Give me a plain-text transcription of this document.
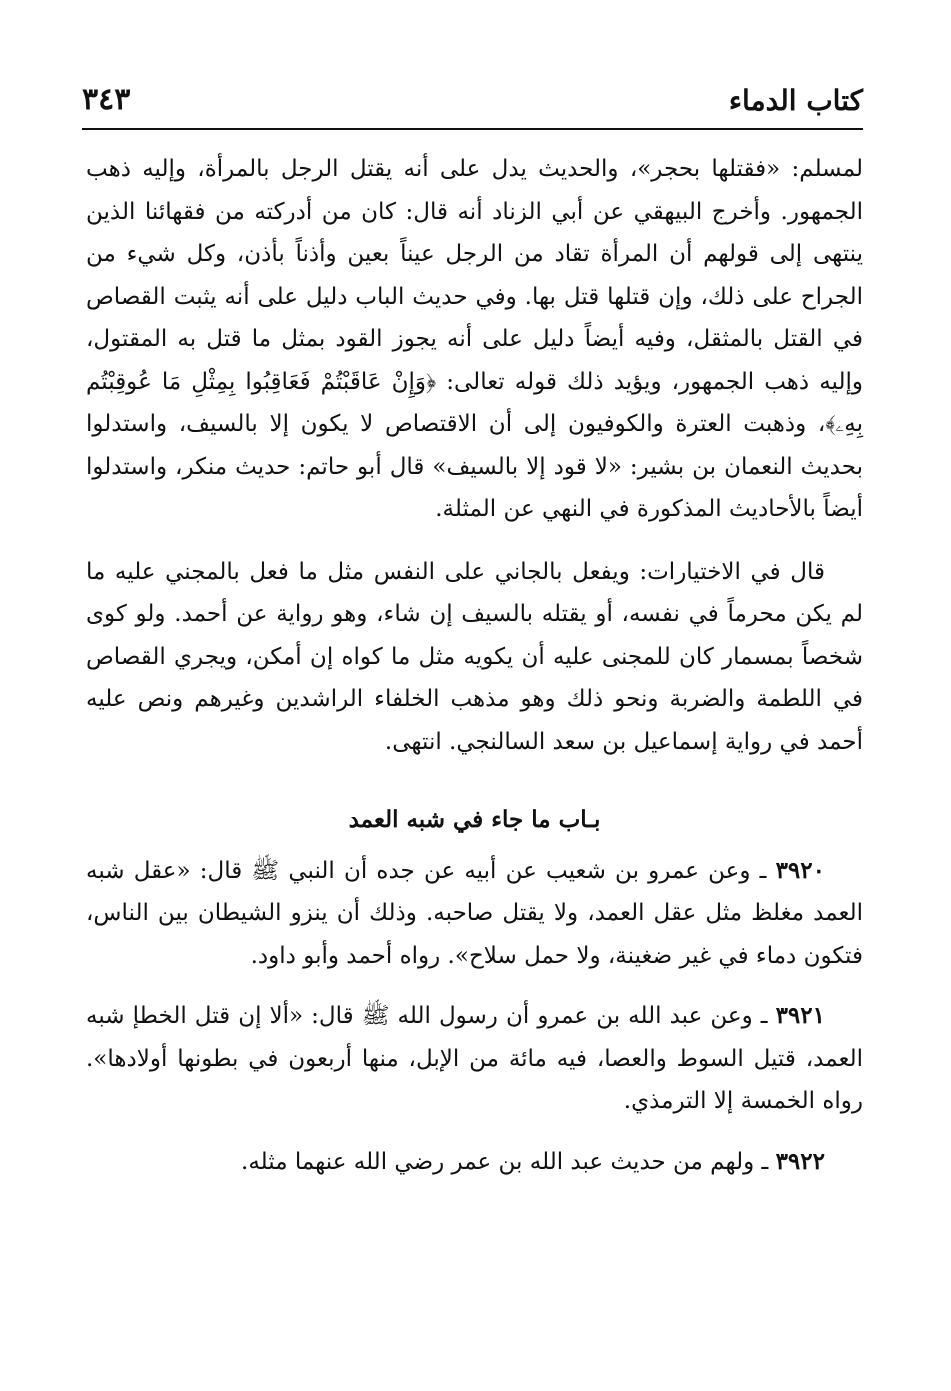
كتاب الدماء
٣٤٣

لمسلم: «فقتلها بحجر»، والحديث يدل على أنه يقتل الرجل بالمرأة، وإليه ذهب الجمهور. وأخرج البيهقي عن أبي الزناد أنه قال: كان من أدركته من فقهائنا الذين ينتهى إلى قولهم أن المرأة تقاد من الرجل عيناً بعين وأذناً بأذن، وكل شيء من الجراح على ذلك، وإن قتلها قتل بها. وفي حديث الباب دليل على أنه يثبت القصاص في القتل بالمثقل، وفيه أيضاً دليل على أنه يجوز القود بمثل ما قتل به المقتول، وإليه ذهب الجمهور، ويؤيد ذلك قوله تعالى: ﴿وَإِنْ عَاقَبْتُمْ فَعَاقِبُوا بِمِثْلِ مَا عُوقِبْتُم بِهِۦ﴾، وذهبت العترة والكوفيون إلى أن الاقتصاص لا يكون إلا بالسيف، واستدلوا بحديث النعمان بن بشير: «لا قود إلا بالسيف» قال أبو حاتم: حديث منكر، واستدلوا أيضاً بالأحاديث المذكورة في النهي عن المثلة.

قال في الاختيارات: ويفعل بالجاني على النفس مثل ما فعل بالمجني عليه ما لم يكن محرماً في نفسه، أو يقتله بالسيف إن شاء، وهو رواية عن أحمد. ولو كوى شخصاً بمسمار كان للمجنى عليه أن يكويه مثل ما كواه إن أمكن، ويجري القصاص في اللطمة والضربة ونحو ذلك وهو مذهب الخلفاء الراشدين وغيرهم ونص عليه أحمد في رواية إسماعيل بن سعد السالنجي. انتهى.

بـاب ما جاء في شبه العمد

٣٩٢٠ ـ وعن عمرو بن شعيب عن أبيه عن جده أن النبي ﷺ قال: «عقل شبه العمد مغلظ مثل عقل العمد، ولا يقتل صاحبه. وذلك أن ينزو الشيطان بين الناس، فتكون دماء في غير ضغينة، ولا حمل سلاح». رواه أحمد وأبو داود.

٣٩٢١ ـ وعن عبد الله بن عمرو أن رسول الله ﷺ قال: «ألا إن قتل الخطإ شبه العمد، قتيل السوط والعصا، فيه مائة من الإبل، منها أربعون في بطونها أولادها». رواه الخمسة إلا الترمذي.

٣٩٢٢ ـ ولهم من حديث عبد الله بن عمر رضي الله عنهما مثله.
